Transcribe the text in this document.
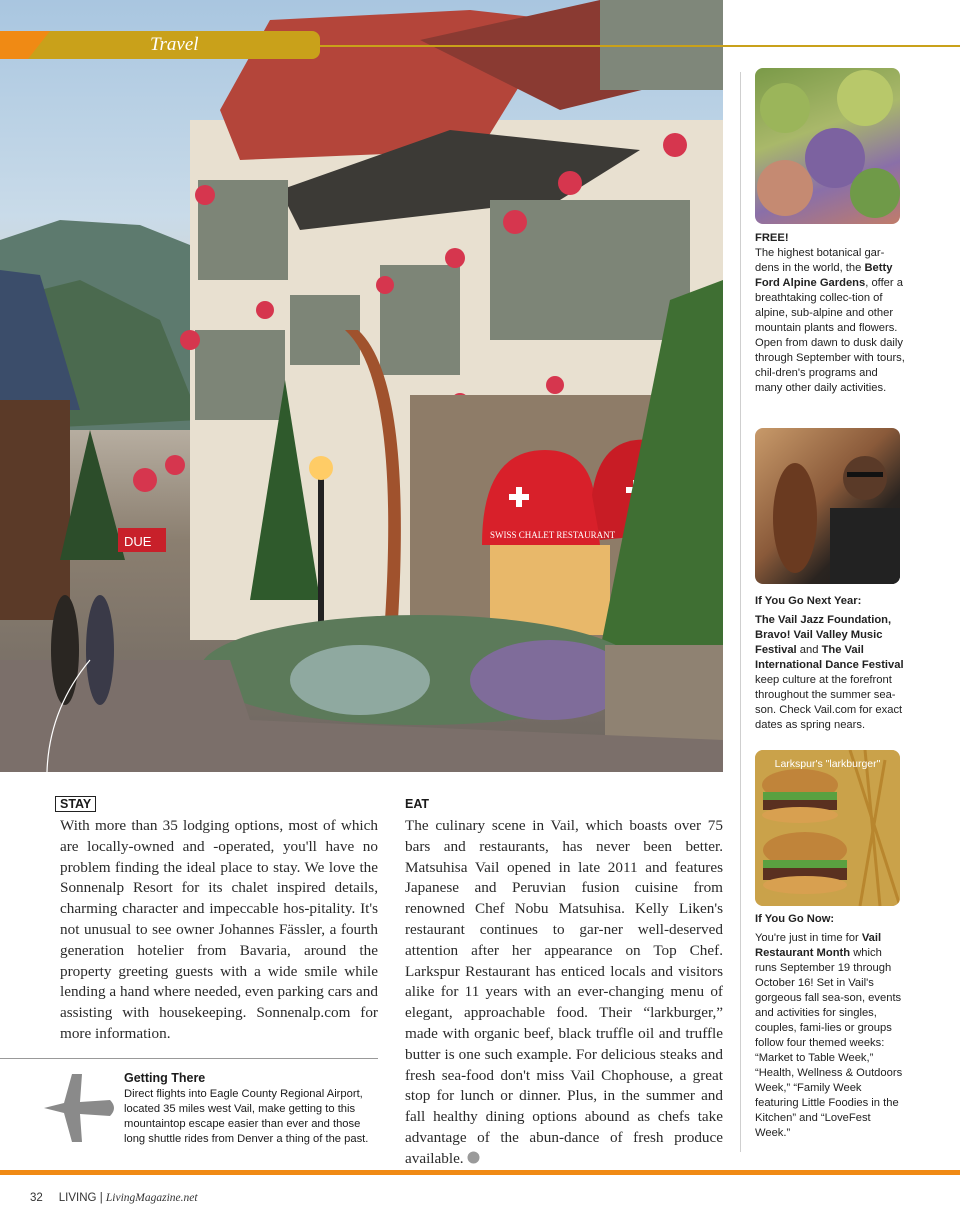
SWISS CHALET RESTAURANT
DUE
Travel
FREE!
The highest botanical gar-dens in the world, the Betty Ford Alpine Gardens, offer a breathtaking collec-tion of alpine, sub-alpine and other mountain plants and flowers. Open from dawn to dusk daily through September with tours, chil-dren's programs and many other daily activities.
If You Go Next Year:
The Vail Jazz Foundation, Bravo! Vail Valley Music Festival and The Vail International Dance Festival keep culture at the forefront throughout the summer sea-son. Check Vail.com for exact dates as spring nears.
Larkspur's "larkburger"
If You Go Now:
You're just in time for Vail Restaurant Month which runs September 19 through October 16! Set in Vail's gorgeous fall sea-son, events and activities for singles, couples, fami-lies or groups follow four themed weeks: “Market to Table Week,” “Health, Wellness & Outdoors Week,” “Family Week featuring Little Foodies in the Kitchen” and “LoveFest Week.”
STAY
With more than 35 lodging options, most of which are locally-owned and -operated, you'll have no problem finding the ideal place to stay. We love the Sonnenalp Resort for its chalet inspired details, charming character and impeccable hos-pitality. It's not unusual to see owner Johannes Fässler, a fourth generation hotelier from Bavaria, around the property greeting guests with a wide smile while lending a hand where needed, even parking cars and assisting with housekeeping. Sonnenalp.com for more information.
Getting There
Direct flights into Eagle County Regional Airport, located 35 miles west Vail, make getting to this mountaintop escape easier than ever and those long shuttle rides from Denver a thing of the past.
EAT
The culinary scene in Vail, which boasts over 75 bars and restaurants, has never been better. Matsuhisa Vail opened in late 2011 and features Japanese and Peruvian fusion cuisine from renowned Chef Nobu Matsuhisa. Kelly Liken's restaurant continues to gar-ner well-deserved attention after her appearance on Top Chef. Larkspur Restaurant has enticed locals and visitors alike for 11 years with an ever-changing menu of elegant, approachable food. Their “larkburger,” made with organic beef, black truffle oil and truffle butter is one such example. For delicious steaks and fresh sea-food don't miss Vail Chophouse, a great stop for lunch or dinner. Plus, in the summer and fall healthy dining options abound as chefs take advantage of the abun-dance of fresh produce available.
32 LIVING | LivingMagazine.net
